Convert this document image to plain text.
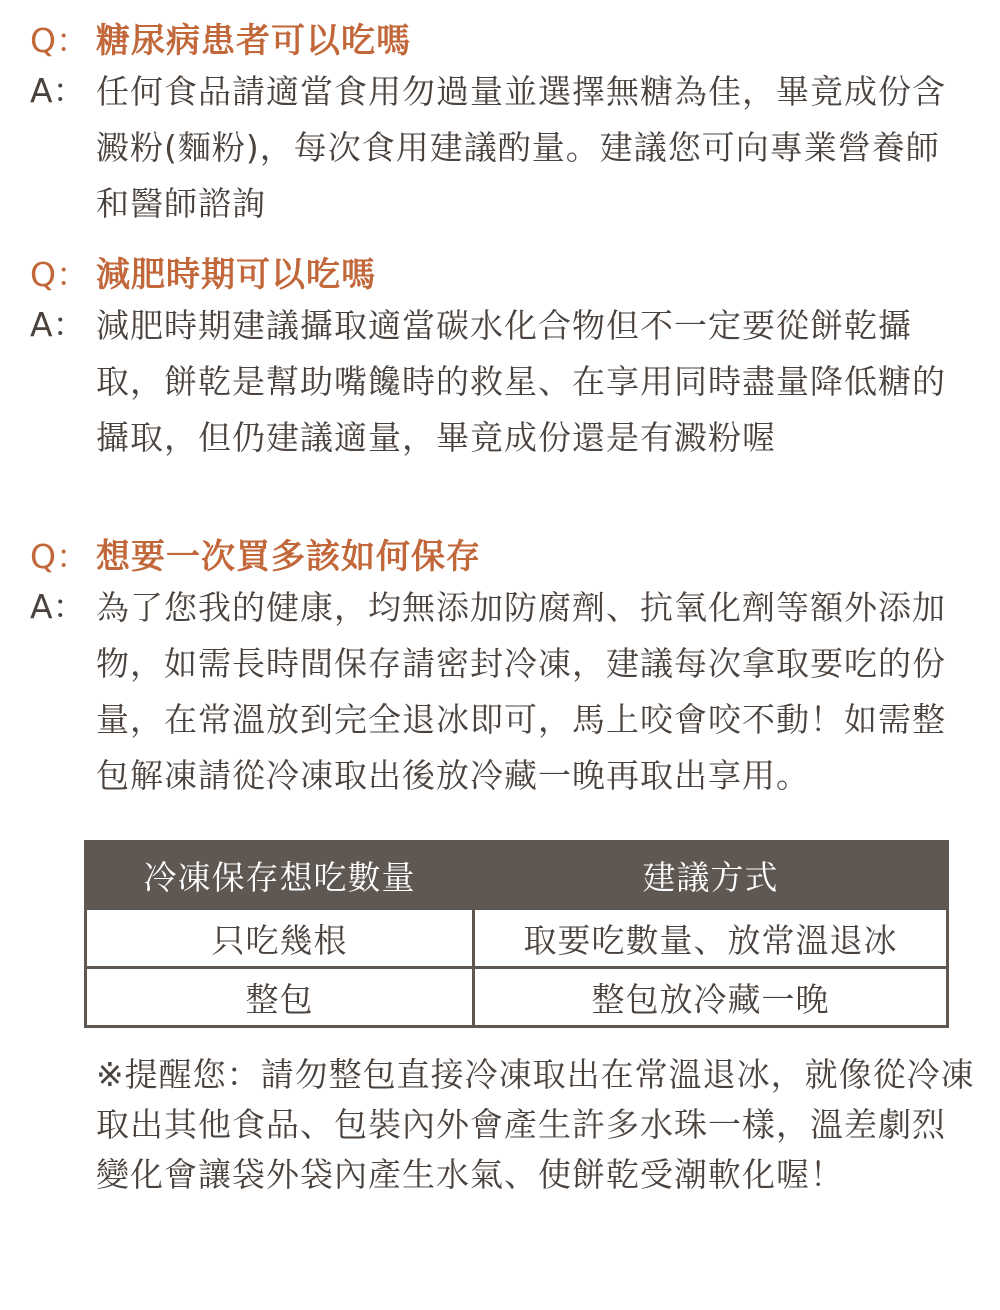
Q： 糖尿病患者可以吃嗎
A： 任何食品請適當食用勿過量並選擇無糖為佳，畢竟成份含澱粉(麵粉)，每次食用建議酌量。建議您可向專業營養師和醫師諮詢
Q： 減肥時期可以吃嗎
A： 減肥時期建議攝取適當碳水化合物但不一定要從餅乾攝取，餅乾是幫助嘴饞時的救星、在享用同時盡量降低糖的攝取，但仍建議適量，畢竟成份還是有澱粉喔
Q： 想要一次買多該如何保存
A： 為了您我的健康，均無添加防腐劑、抗氧化劑等額外添加物，如需長時間保存請密封冷凍，建議每次拿取要吃的份量，在常溫放到完全退冰即可，馬上咬會咬不動！如需整包解凍請從冷凍取出後放冷藏一晚再取出享用。
冷凍保存想吃數量	建議方式
只吃幾根	取要吃數量、放常溫退冰
整包	整包放冷藏一晚
※提醒您：請勿整包直接冷凍取出在常溫退冰，就像從冷凍取出其他食品、包裝內外會產生許多水珠一樣，溫差劇烈變化會讓袋外袋內產生水氣、使餅乾受潮軟化喔！
